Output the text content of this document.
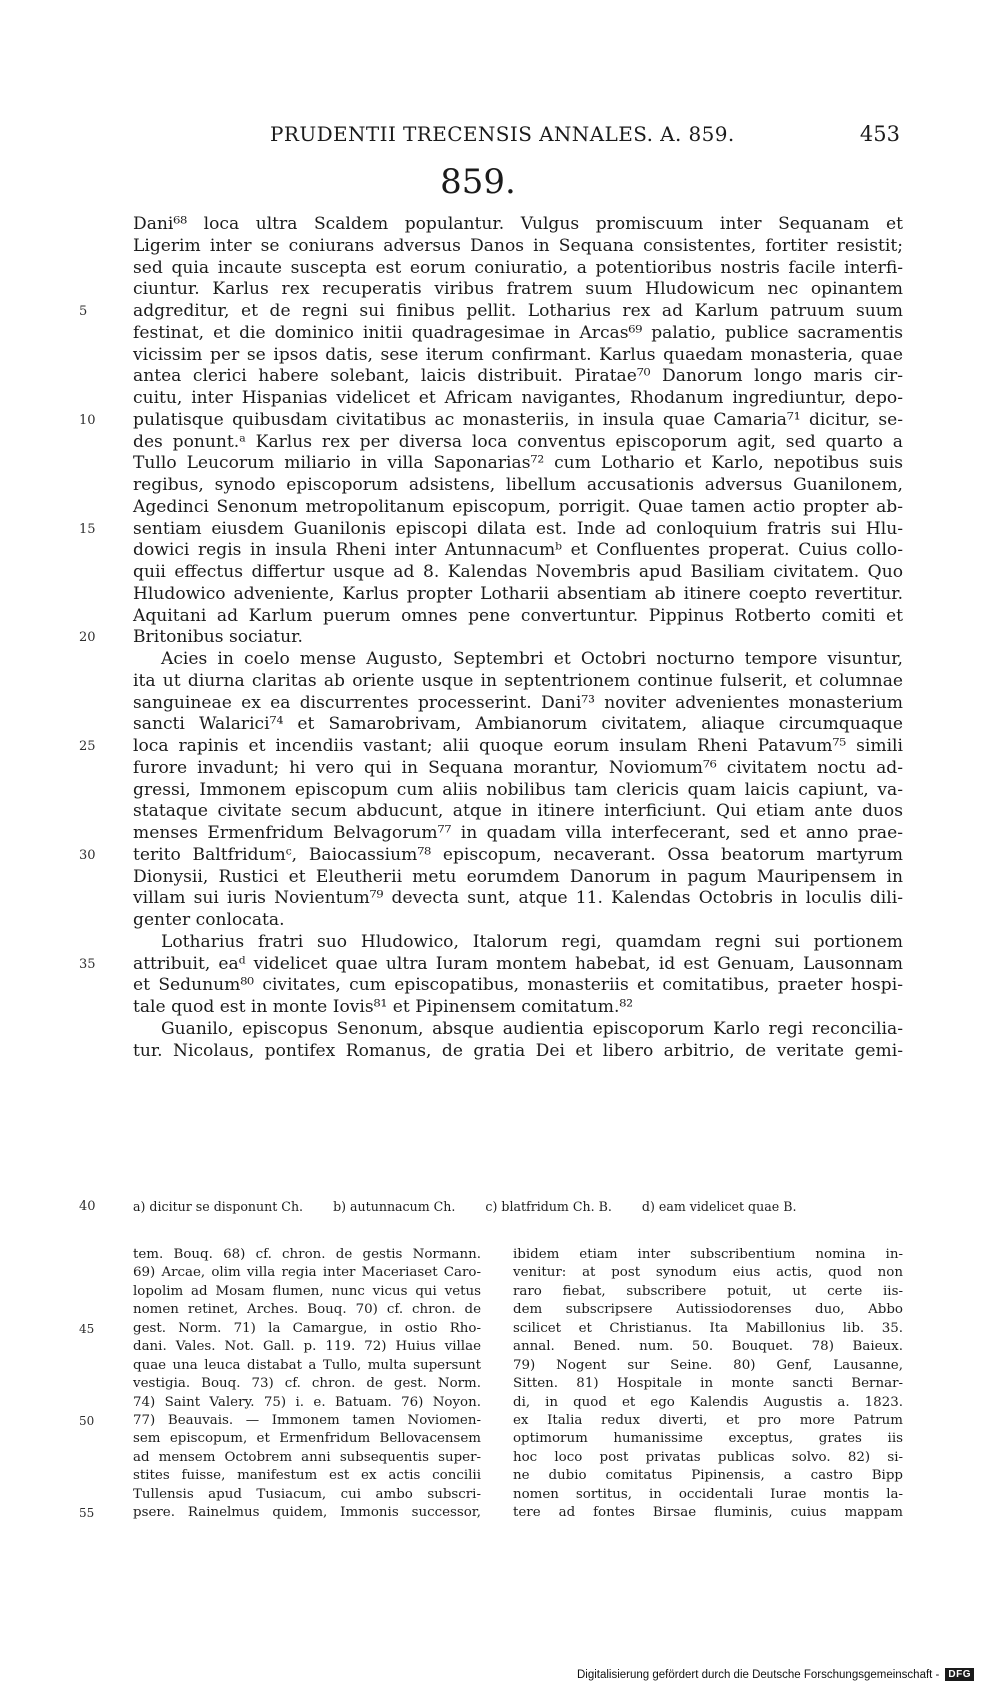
PRUDENTII TRECENSIS ANNALES. A. 859.	453
859.
Dani⁶⁸ loca ultra Scaldem populantur. Vulgus promiscuum inter Sequanam et
Ligerim inter se coniurans adversus Danos in Sequana consistentes, fortiter resistit;
sed quia incaute suscepta est eorum coniuratio, a potentioribus nostris facile interfi-
ciuntur. Karlus rex recuperatis viribus fratrem suum Hludowicum nec opinantem
5	adgreditur, et de regni sui finibus pellit. Lotharius rex ad Karlum patruum suum
festinat, et die dominico initii quadragesimae in Arcas⁶⁹ palatio, publice sacramentis
vicissim per se ipsos datis, sese iterum confirmant. Karlus quaedam monasteria, quae
antea clerici habere solebant, laicis distribuit. Piratae⁷⁰ Danorum longo maris cir-
cuitu, inter Hispanias videlicet et Africam navigantes, Rhodanum ingrediuntur, depo-
10	pulatisque quibusdam civitatibus ac monasteriis, in insula quae Camaria⁷¹ dicitur, se-
des ponunt.ᵃ Karlus rex per diversa loca conventus episcoporum agit, sed quarto a
Tullo Leucorum miliario in villa Saponarias⁷² cum Lothario et Karlo, nepotibus suis
regibus, synodo episcoporum adsistens, libellum accusationis adversus Guanilonem,
Agedinci Senonum metropolitanum episcopum, porrigit. Quae tamen actio propter ab-
15	sentiam eiusdem Guanilonis episcopi dilata est. Inde ad conloquium fratris sui Hlu-
dowici regis in insula Rheni inter Antunnacumᵇ et Confluentes properat. Cuius collo-
quii effectus differtur usque ad 8. Kalendas Novembris apud Basiliam civitatem. Quo
Hludowico adveniente, Karlus propter Lotharii absentiam ab itinere coepto revertitur.
Aquitani ad Karlum puerum omnes pene convertuntur. Pippinus Rotberto comiti et
20	Britonibus sociatur.
Acies in coelo mense Augusto, Septembri et Octobri nocturno tempore visuntur,
ita ut diurna claritas ab oriente usque in septentrionem continue fulserit, et columnae
sanguineae ex ea discurrentes processerint. Dani⁷³ noviter advenientes monasterium
sancti Walarici⁷⁴ et Samarobrivam, Ambianorum civitatem, aliaque circumquaque
25	loca rapinis et incendiis vastant; alii quoque eorum insulam Rheni Patavum⁷⁵ simili
furore invadunt; hi vero qui in Sequana morantur, Noviomum⁷⁶ civitatem noctu ad-
gressi, Immonem episcopum cum aliis nobilibus tam clericis quam laicis capiunt, va-
stataque civitate secum abducunt, atque in itinere interficiunt. Qui etiam ante duos
menses Ermenfridum Belvagorum⁷⁷ in quadam villa interfecerant, sed et anno prae-
30	terito Baltfridumᶜ, Baiocassium⁷⁸ episcopum, necaverant. Ossa beatorum martyrum
Dionysii, Rustici et Eleutherii metu eorumdem Danorum in pagum Mauripensem in
villam sui iuris Novientum⁷⁹ devecta sunt, atque 11. Kalendas Octobris in loculis dili-
genter conlocata.
Lotharius fratri suo Hludowico, Italorum regi, quamdam regni sui portionem
35	attribuit, eaᵈ videlicet quae ultra Iuram montem habebat, id est Genuam, Lausonnam
et Sedunum⁸⁰ civitates, cum episcopatibus, monasteriis et comitatibus, praeter hospi-
tale quod est in monte Iovis⁸¹ et Pipinensem comitatum.⁸²
Guanilo, episcopus Senonum, absque audientia episcoporum Karlo regi reconcilia-
tur. Nicolaus, pontifex Romanus, de gratia Dei et libero arbitrio, de veritate gemi-
40	a) dicitur se disponunt Ch. b) autunnacum Ch. c) blatfridum Ch. B. d) eam videlicet quae B.
tem. Bouq. 68) cf. chron. de gestis Normann.
69) Arcae, olim villa regia inter Maceriaset Caro-
lopolim ad Mosam flumen, nunc vicus qui vetus
nomen retinet, Arches. Bouq. 70) cf. chron. de
45	gest. Norm. 71) la Camargue, in ostio Rho-
dani. Vales. Not. Gall. p. 119. 72) Huius villae
quae una leuca distabat a Tullo, multa supersunt
vestigia. Bouq. 73) cf. chron. de gest. Norm.
74) Saint Valery. 75) i. e. Batuam. 76) Noyon.
50	77) Beauvais. — Immonem tamen Noviomen-
sem episcopum, et Ermenfridum Bellovacensem
ad mensem Octobrem anni subsequentis super-
stites fuisse, manifestum est ex actis concilii
Tullensis apud Tusiacum, cui ambo subscri-
55	psere. Rainelmus quidem, Immonis successor,
ibidem etiam inter subscribentium nomina in-
venitur: at post synodum eius actis, quod non
raro fiebat, subscribere potuit, ut certe iis-
dem subscripsere Autissiodorenses duo, Abbo
scilicet et Christianus. Ita Mabillonius lib. 35.
annal. Bened. num. 50. Bouquet. 78) Baieux.
79) Nogent sur Seine. 80) Genf, Lausanne,
Sitten. 81) Hospitale in monte sancti Bernar-
di, in quod et ego Kalendis Augustis a. 1823.
ex Italia redux diverti, et pro more Patrum
optimorum humanissime exceptus, grates iis
hoc loco post privatas publicas solvo. 82) si-
ne dubio comitatus Pipinensis, a castro Bipp
nomen sortitus, in occidentali Iurae montis la-
tere ad fontes Birsae fluminis, cuius mappam
Digitalisierung gefördert durch die Deutsche Forschungsgemeinschaft - DFG
